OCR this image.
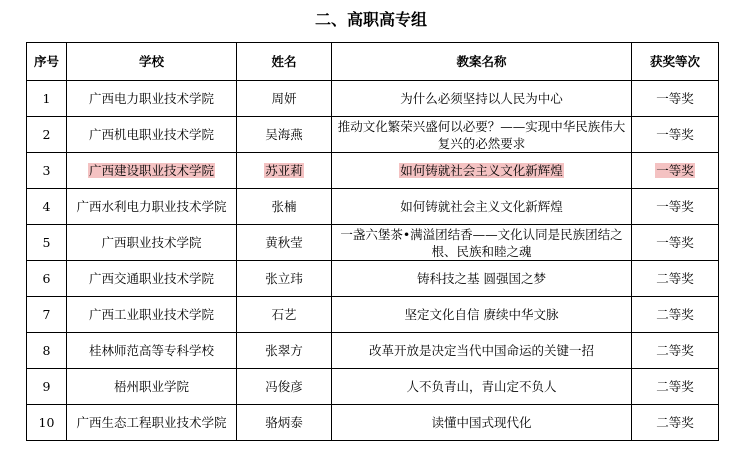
二、高职高专组
序号	学校	姓名	教案名称	获奖等次
1	广西电力职业技术学院	周妍	为什么必须坚持以人民为中心	一等奖
2	广西机电职业技术学院	吴海燕	推动文化繁荣兴盛何以必要？——实现中华民族伟大复兴的必然要求	一等奖
3	广西建设职业技术学院	苏亚莉	如何铸就社会主义文化新辉煌	一等奖
4	广西水利电力职业技术学院	张楠	如何铸就社会主义文化新辉煌	一等奖
5	广西职业技术学院	黄秋莹	一盏六堡茶•满溢团结香——文化认同是民族团结之根、民族和睦之魂	一等奖
6	广西交通职业技术学院	张立玮	铸科技之基 圆强国之梦	二等奖
7	广西工业职业技术学院	石艺	坚定文化自信 赓续中华文脉	二等奖
8	桂林师范高等专科学校	张翠方	改革开放是决定当代中国命运的关键一招	二等奖
9	梧州职业学院	冯俊彦	人不负青山，青山定不负人	二等奖
10	广西生态工程职业技术学院	骆炳泰	读懂中国式现代化	二等奖
